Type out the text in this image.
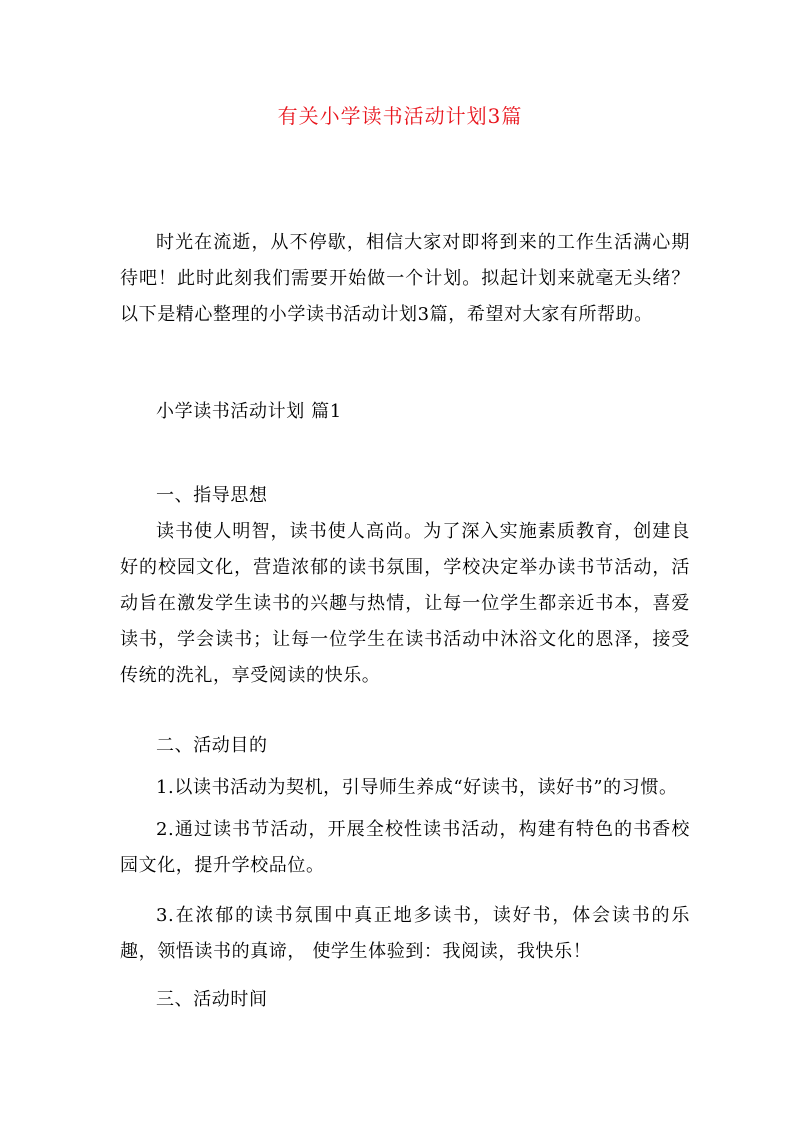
有关小学读书活动计划3篇
时光在流逝，从不停歇，相信大家对即将到来的工作生活满心期待吧！此时此刻我们需要开始做一个计划。拟起计划来就毫无头绪？以下是精心整理的小学读书活动计划3篇，希望对大家有所帮助。
小学读书活动计划 篇1
一、指导思想
读书使人明智，读书使人高尚。为了深入实施素质教育，创建良好的校园文化，营造浓郁的读书氛围，学校决定举办读书节活动，活动旨在激发学生读书的兴趣与热情，让每一位学生都亲近书本，喜爱读书，学会读书；让每一位学生在读书活动中沐浴文化的恩泽，接受传统的洗礼，享受阅读的快乐。
二、活动目的
1.以读书活动为契机，引导师生养成“好读书，读好书”的习惯。
2.通过读书节活动，开展全校性读书活动，构建有特色的书香校园文化，提升学校品位。
3.在浓郁的读书氛围中真正地多读书，读好书，体会读书的乐趣，领悟读书的真谛， 使学生体验到：我阅读，我快乐！
三、活动时间
